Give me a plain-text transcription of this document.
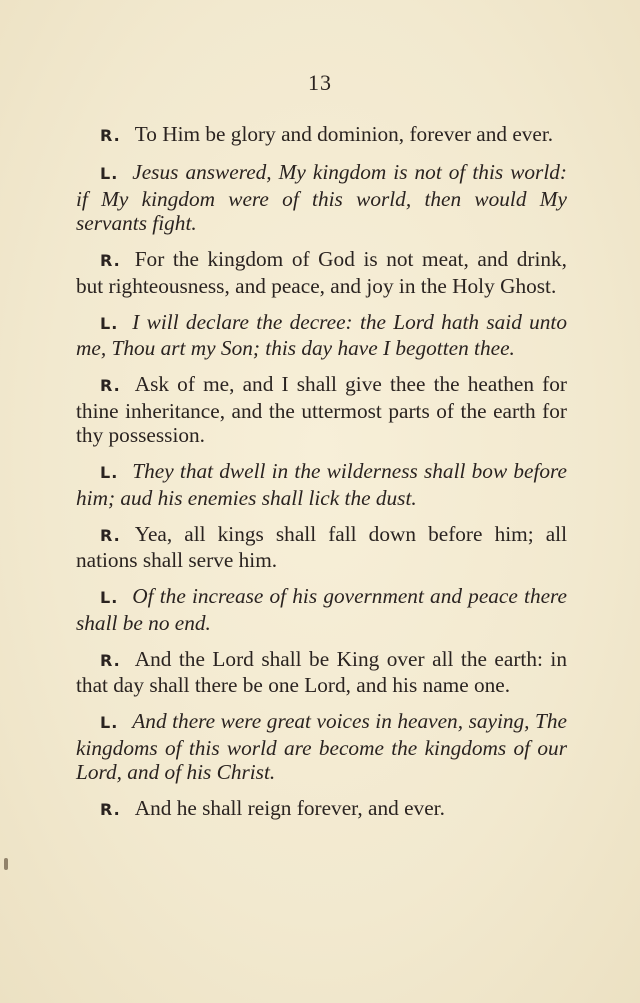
13

R. To Him be glory and dominion, forever and ever.

L. Jesus answered, My kingdom is not of this world: if My kingdom were of this world, then would My servants fight.

R. For the kingdom of God is not meat, and drink, but righteousness, and peace, and joy in the Holy Ghost.

L. I will declare the decree: the Lord hath said unto me, Thou art my Son; this day have I begotten thee.

R. Ask of me, and I shall give thee the heathen for thine inheritance, and the uttermost parts of the earth for thy possession.

L. They that dwell in the wilderness shall bow before him; aud his enemies shall lick the dust.

R. Yea, all kings shall fall down before him; all nations shall serve him.

L. Of the increase of his government and peace there shall be no end.

R. And the Lord shall be King over all the earth: in that day shall there be one Lord, and his name one.

L. And there were great voices in heaven, saying, The kingdoms of this world are become the kingdoms of our Lord, and of his Christ.

R. And he shall reign forever, and ever.
